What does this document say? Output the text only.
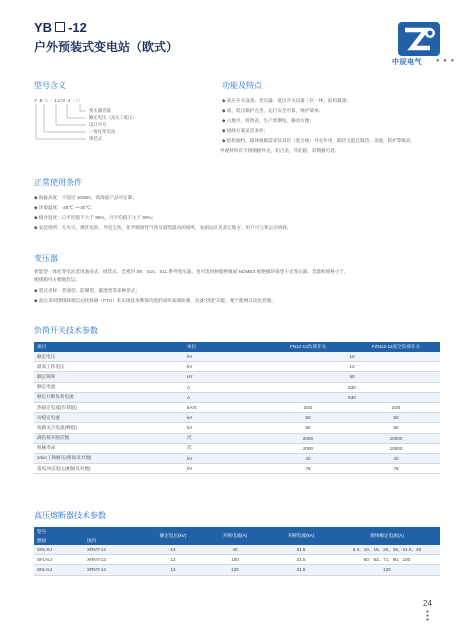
YB -12
户外预装式变电站（欧式）
中辰电气 ● ● ●
型号含义
Y B □ - 12/0.4 - □
变压器容量
额定电压（高压 / 低压）
设计序号
一体化变电站
预装式
功能及特点
◆ 高压开关设备、变压器、低压开关设备三位一体，结构紧凑；
◆ 高、低压保护完善，运行安全可靠，维护简单；
◆ 占地少，投资省，生产周期短，移动方便；
◆ 接线方案灵活多样；
◆ 结构独特，箱体根据需求及双层（复合板）外壳作用，隔热又能自散热，美观，防护等级高，
外观材料有不锈钢板外壳、铝合金、冷轧板、彩钢板可选；
正常使用条件
◆ 海拔高度：不超过 1000m，高海拔产品可定制；
◆ 环境温度：-25℃ ~+40℃；
◆ 相对湿度：日平均值不大于 95%，月平均值不大于 90%；
◆ 安装场所：无火灾、爆炸危险，导电尘埃，化学腐蚀性气体及剧烈震动的场所，农副山区及其它地方，用户可与我公司协商。
变压器
智能型一体化变电站选用油浸式、组装式、全密封 S9、S10、S11 系列变压器，也可选用树脂绝缘或 NOMEX 纸绝缘环保型干式变压器，容量和规格小于，
便捷箱可方便地装运；
◆ 型式多样：普通型、防爆型、紧凑型等多种形式；
◆ 高压采用馈线终端自动化终端（FTU）来实现基本继保功能的闭环高端检测，具备“四遥”功能，便于配网自动化控制。
负荷开关技术参数
项目	单位	FN12-12负荷开关	FZN12-12真空负荷开关
额定电压	kV	10	
最高工作电压	kV	12	
额定频率	Hz	50	
额定电流	A	630	
额定开断负荷电流	A	630	
热稳定电流(有效值)	kA/S	20/2	20/4
动稳定电流	kA	50	50
短路关合电流(峰值)	kA	50	50
满负荷开断次数	次	2000	10000
机械寿命	次	2000	10000
1min工频耐压(相间及对地)	kV	42	42
雷电冲击电压(相间及对地)	kV	75	75
高压熔断器技术参数
型号		额定电压(kV)	开断电流(A)	开断电流(kA)	熔体额定电流(A)
德国	国内				
SDL%J	XRNT-12	12	40	31.5	6.3、10、16、20、25、31.5、40
SFL%J	XRNT-12	12	100	31.5	50、63、71、80、100
SKL%J	XRNT-12	12	125	31.5	125
24
●
●
●
